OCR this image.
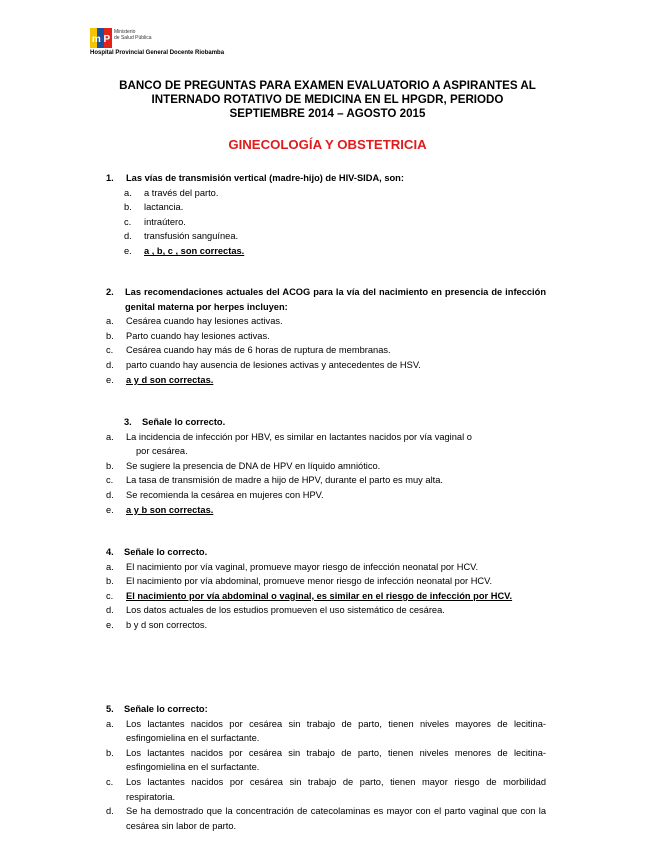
m P
Ministerio
de Salud Pública
Hospital Provincial General Docente Riobamba
BANCO DE PREGUNTAS PARA EXAMEN EVALUATORIO A ASPIRANTES AL
INTERNADO ROTATIVO DE MEDICINA EN EL HPGDR, PERIODO
SEPTIEMBRE 2014 – AGOSTO 2015
GINECOLOGÍA Y OBSTETRICIA
1.	Las vías de transmisión vertical (madre-hijo) de HIV-SIDA, son:
a.	a través del parto.
b.	lactancia.
c.	intraútero.
d.	transfusión sanguínea.
e.	a , b, c , son correctas.
2.	Las recomendaciones actuales del ACOG para la vía del nacimiento en presencia de infección genital materna por herpes incluyen:
a.	Cesárea cuando hay lesiones activas.
b.	Parto cuando hay lesiones activas.
c.	Cesárea cuando hay más de 6 horas de ruptura de membranas.
d.	parto cuando hay ausencia de lesiones activas y antecedentes de HSV.
e.	a y d son correctas.
3.	Señale lo correcto.
a.	La incidencia de infección por HBV, es similar en lactantes nacidos por vía vaginal o
por cesárea.
b.	Se sugiere la presencia de DNA de HPV en líquido amniótico.
c.	La tasa de transmisión de madre a hijo de HPV, durante el parto es muy alta.
d.	Se recomienda la cesárea en mujeres con HPV.
e.	a y b son correctas.
4.	Señale lo correcto.
a.	El nacimiento por vía vaginal, promueve mayor riesgo de infección neonatal por HCV.
b.	El nacimiento por vía abdominal, promueve menor riesgo de infección neonatal por HCV.
c.	El nacimiento por vía abdominal o vaginal, es similar en el riesgo de infección por HCV.
d.	Los datos actuales de los estudios promueven el uso sistemático de cesárea.
e.	b y d son correctos.
5.	Señale lo correcto:
a.	Los lactantes nacidos por cesárea sin trabajo de parto, tienen niveles mayores de lecitina-esfingomielina en el surfactante.
b.	Los lactantes nacidos por cesárea sin trabajo de parto, tienen niveles menores de lecitina-esfingomielina en el surfactante.
c.	Los lactantes nacidos por cesárea sin trabajo de parto, tienen mayor riesgo de morbilidad respiratoria.
d.	Se ha demostrado que la concentración de catecolaminas es mayor con el parto vaginal que con la cesárea sin labor de parto.
